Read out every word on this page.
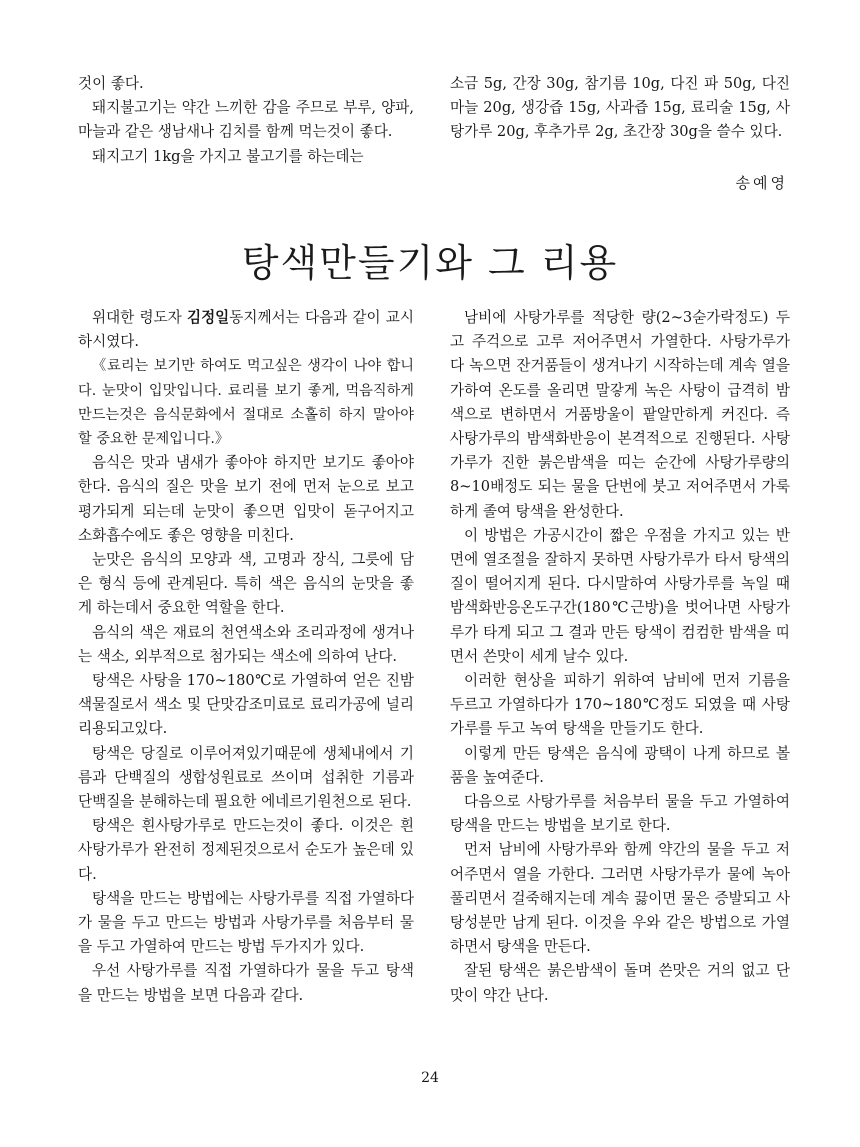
것이 좋다.

돼지불고기는 약간 느끼한 감을 주므로 부루, 양파, 마늘과 같은 생남새나 김치를 함께 먹는것이 좋다.

돼지고기 1kg을 가지고 불고기를 하는데는

소금 5g, 간장 30g, 참기름 10g, 다진 파 50g, 다진 마늘 20g, 생강즙 15g, 사과즙 15g, 료리술 15g, 사탕가루 20g, 후추가루 2g, 초간장 30g을 쓸수 있다.

송예영
탕색만들기와 그 리용

위대한 령도자 김정일동지께서는 다음과 같이 교시하시였다.

《료리는 보기만 하여도 먹고싶은 생각이 나야 합니다. 눈맛이 입맛입니다. 료리를 보기 좋게, 먹음직하게 만드는것은 음식문화에서 절대로 소홀히 하지 말아야 할 중요한 문제입니다.》

음식은 맛과 냄새가 좋아야 하지만 보기도 좋아야 한다. 음식의 질은 맛을 보기 전에 먼저 눈으로 보고 평가되게 되는데 눈맛이 좋으면 입맛이 돋구어지고 소화흡수에도 좋은 영향을 미친다.

눈맛은 음식의 모양과 색, 고명과 장식, 그릇에 담은 형식 등에 관계된다. 특히 색은 음식의 눈맛을 좋게 하는데서 중요한 역할을 한다.

음식의 색은 재료의 천연색소와 조리과정에 생겨나는 색소, 외부적으로 첨가되는 색소에 의하여 난다.

탕색은 사탕을 170~180℃로 가열하여 얻은 진밤색물질로서 색소 및 단맛감조미료로 료리가공에 널리 리용되고있다.

탕색은 당질로 이루어져있기때문에 생체내에서 기름과 단백질의 생합성원료로 쓰이며 섭취한 기름과 단백질을 분해하는데 필요한 에네르기원천으로 된다.

탕색은 흰사탕가루로 만드는것이 좋다. 이것은 흰사탕가루가 완전히 정제된것으로서 순도가 높은데 있다.

탕색을 만드는 방법에는 사탕가루를 직접 가열하다가 물을 두고 만드는 방법과 사탕가루를 처음부터 물을 두고 가열하여 만드는 방법 두가지가 있다.

우선 사탕가루를 직접 가열하다가 물을 두고 탕색을 만드는 방법을 보면 다음과 같다.

남비에 사탕가루를 적당한 량(2~3숟가락정도) 두고 주걱으로 고루 저어주면서 가열한다. 사탕가루가 다 녹으면 잔거품들이 생겨나기 시작하는데 계속 열을 가하여 온도를 올리면 말갛게 녹은 사탕이 급격히 밤색으로 변하면서 거품방울이 팥알만하게 커진다. 즉 사탕가루의 밤색화반응이 본격적으로 진행된다. 사탕가루가 진한 붉은밤색을 띠는 순간에 사탕가루량의 8~10배정도 되는 물을 단번에 붓고 저어주면서 가룩하게 졸여 탕색을 완성한다.

이 방법은 가공시간이 짧은 우점을 가지고 있는 반면에 열조절을 잘하지 못하면 사탕가루가 타서 탕색의 질이 떨어지게 된다. 다시말하여 사탕가루를 녹일 때 밤색화반응온도구간(180℃근방)을 벗어나면 사탕가루가 타게 되고 그 결과 만든 탕색이 컴컴한 밤색을 띠면서 쓴맛이 세게 날수 있다.

이러한 현상을 피하기 위하여 남비에 먼저 기름을 두르고 가열하다가 170~180℃정도 되였을 때 사탕가루를 두고 녹여 탕색을 만들기도 한다.

이렇게 만든 탕색은 음식에 광택이 나게 하므로 볼품을 높여준다.

다음으로 사탕가루를 처음부터 물을 두고 가열하여 탕색을 만드는 방법을 보기로 한다.

먼저 남비에 사탕가루와 함께 약간의 물을 두고 저어주면서 열을 가한다. 그러면 사탕가루가 물에 녹아 풀리면서 걸죽해지는데 계속 끓이면 물은 증발되고 사탕성분만 남게 된다. 이것을 우와 같은 방법으로 가열하면서 탕색을 만든다.

잘된 탕색은 붉은밤색이 돌며 쓴맛은 거의 없고 단맛이 약간 난다.

24
